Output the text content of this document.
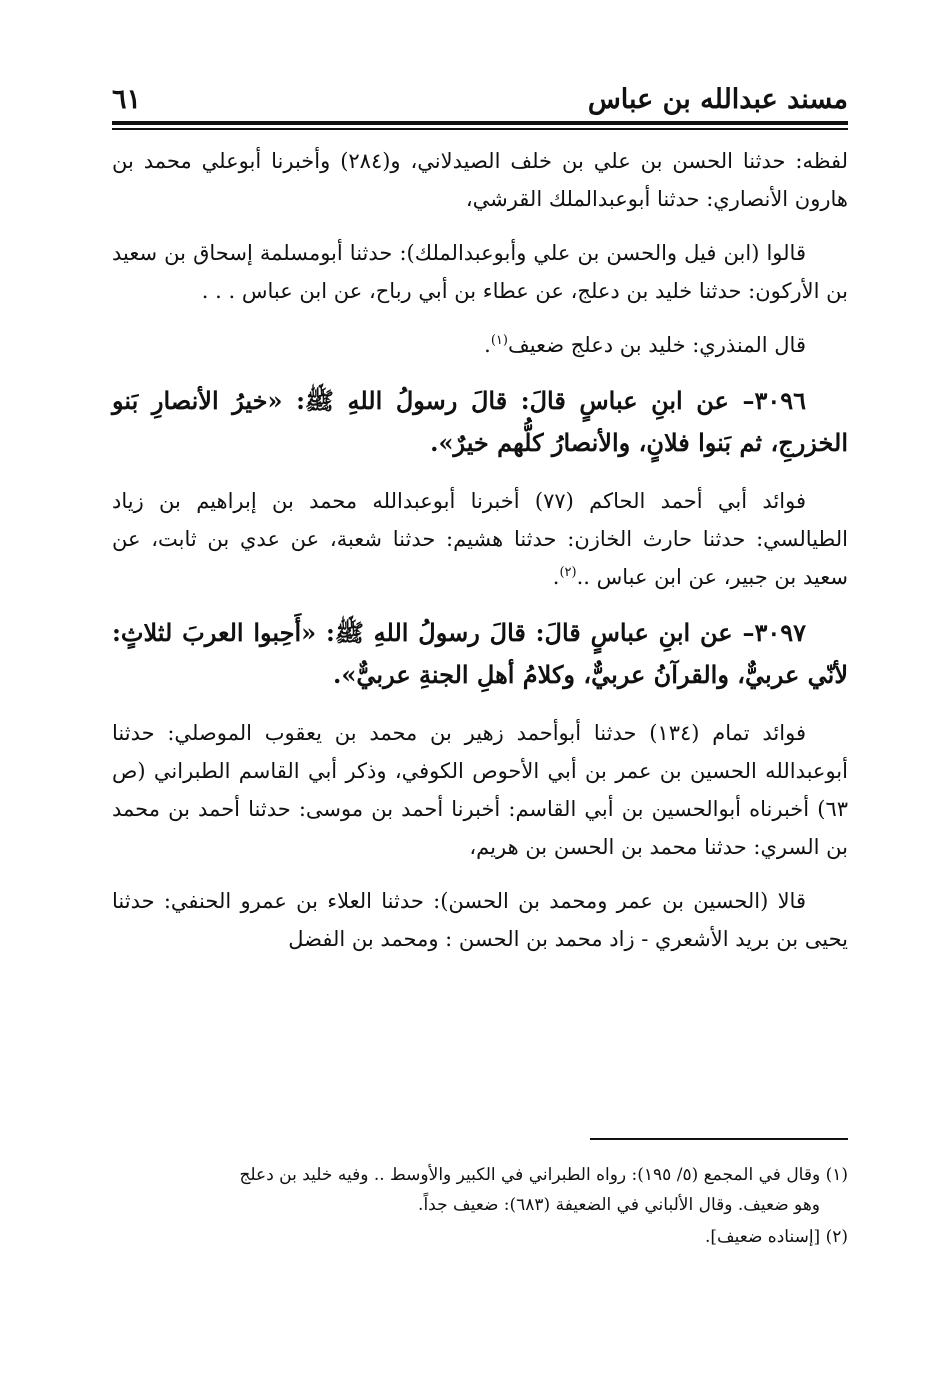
مسند عبدالله بن عباس
٦١

لفظه: حدثنا الحسن بن علي بن خلف الصيدلاني، و(٢٨٤) وأخبرنا أبوعلي محمد بن هارون الأنصاري: حدثنا أبوعبدالملك القرشي،

قالوا (ابن فيل والحسن بن علي وأبوعبدالملك): حدثنا أبومسلمة إسحاق بن سعيد بن الأركون: حدثنا خليد بن دعلج، عن عطاء بن أبي رباح، عن ابن عباس . . .

قال المنذري: خليد بن دعلج ضعيف$^{(١)}$.

٣٠٩٦– عن ابنِ عباسٍ قالَ: قالَ رسولُ اللهِ ﷺ: «خيرُ الأنصارِ بَنو الخزرجِ، ثم بَنوا فلانٍ، والأنصارُ كلُّهم خيرٌ».

فوائد أبي أحمد الحاكم (٧٧) أخبرنا أبوعبدالله محمد بن إبراهيم بن زياد الطيالسي: حدثنا حارث الخازن: حدثنا هشيم: حدثنا شعبة، عن عدي بن ثابت، عن سعيد بن جبير، عن ابن عباس ..$^{(٢)}$.

٣٠٩٧– عن ابنِ عباسٍ قالَ: قالَ رسولُ اللهِ ﷺ: «أَحِبوا العربَ لثلاثٍ: لأنّي عربيٌّ، والقرآنُ عربيٌّ، وكلامُ أهلِ الجنةِ عربيٌّ».

فوائد تمام (١٣٤) حدثنا أبوأحمد زهير بن محمد بن يعقوب الموصلي: حدثنا أبوعبدالله الحسين بن عمر بن أبي الأحوص الكوفي، وذكر أبي القاسم الطبراني (ص ٦٣) أخبرناه أبوالحسين بن أبي القاسم: أخبرنا أحمد بن موسى: حدثنا أحمد بن محمد بن السري: حدثنا محمد بن الحسن بن هريم،

قالا (الحسين بن عمر ومحمد بن الحسن): حدثنا العلاء بن عمرو الحنفي: حدثنا يحيى بن بريد الأشعري - زاد محمد بن الحسن : ومحمد بن الفضل

(١) وقال في المجمع (٥/ ١٩٥): رواه الطبراني في الكبير والأوسط .. وفيه خليد بن دعلج

وهو ضعيف. وقال الألباني في الضعيفة (٦٨٣): ضعيف جداً.

(٢) [إسناده ضعيف].
